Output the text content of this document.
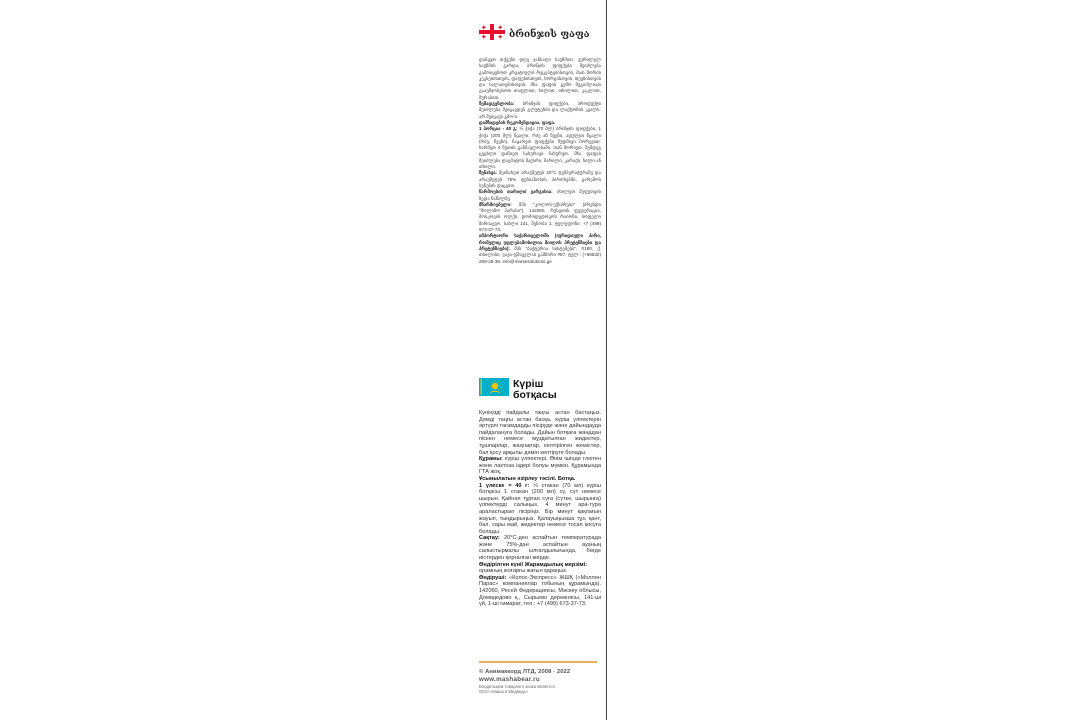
ბრინჯის ფაფა

დაწყეთ თქვენი დღე ჯანსაღი საუზმით. ვერილელ საუზმის გარდა, ბრინჯის ფიფქები შეიძლება გამოიყენოთ კრეატიული რეცეპტებისთვის, მათ შორის კეკსებისთვის, ფაფებისთვის, ხორცისთვის, თევზისთვის და სალათებისთვის. მზა ფაფის გემო შეგიძლიათ გააუმჯობესოთ თაფლით, ხილით, თხილით, კაკლით, მურაბით.

შემადგენლობა: ბრინჯის ფიფქები. პროდუქტი შეიძლება შეიცავდეს გლუტენის და ლაქტოზის კვალს. არ შეიცავს გმო-ს.

დამზადების რეკომენდაცია. ფაფა.

1 პორცია - 40 გ: ½ ჭიქა (70 მლ) ბრინჯის ფიფქები, 1 ჭიქა (200 მლ) წყალი, რძე ან წვენი. ადუღეთ წყალი (რძე, წვენი), ჩაყარეთ ფიფქები მუდმივი მორევით. ხარშეთ 4 წუთის განმავლობაში, თან მორიეთ. შემდეგ ცეცხლი დაწიეთ სახურავი ჩახურეთ. მზა ფაფას შეიძლება დაემატოს შაქარი, მარილი, კარაქი, ხილი ან თხილი.

შენახვა: შეინახეთ არაუმეტეს 20°C ტემპერატურაზე და არაუმეტეს 75% ტენიანობის პირობებში, გარემოს სუნების დაცვით.

წარმოების თარიღი/ ვარგისია: იხილეთ შეფუთვის ზედა ნაწილზე.

მწარმოებელი: შპს "კოლოს-ექსპრესი" (ბრენდი "მოლინო პარასი"), 142060, რუსეთის ფედერაცია, მოსკოვის ოლქი, დომოდედოვოს რაიონი, სოფელი შირიაევო, სახლი 141, შენობა 1, ტელეფონი: +7 (499) 673-37-73.

იმპორტიორი საქართველოში (იურიდიული პირი, რომელიც უფლებამოსილია მიიღოს პრეტენზიები და პრეტენზიები): შპს "ბაქტერია სისტემები", 0180, ქ. თბილისი, ვაჟა-ფშაველას გამზირი #87, ტელ.: (+99532) 269-25-38. info@marsesolutions.ge

Күріш
ботқасы

Күніңізді пайдалы таңғы астан бастаңыз. Дәмді таңғы астан басқа, күріш үлпектерін әртүрлі тағамдарды пісіруде және дайындауда пайдалануға болады. Дайын ботқаға жаңадан піскен немесе мұздатылған жидектер, тұшпарлар, жаңғақтар, кептірілген жемістер, бал қосу арқылы дәмін келтіруге болады.

Құрамы: күріш үлпектері. Өнім ішінде глютен және лактоза іздері болуы мүмкін. Құрамында ГТА жоқ.

Ұсынылатын әзірлеу тәсілі. Ботқа.

1 үлеске = 40 г: ⅓ стакан (70 мл) күріш ботқасы 1 стакан (200 мл) су, сүт немесе шырын. Қайнап тұрған суға (сүтке, шырынға) үлпектерді салыңыз. 4 минут ара-тура араластырып пісіріңіз. Бір минут қақпағын жауып, тыңдырыңыз. Қалауыңызша тұз, қант, бал, сары май, жидектер немесе тосап қосуға болады.

Сақтау: 20°C-ден аспайтын температурада және 75%-дан аспайтын ауаның салыстырмалы ылғалдылығында, бөгде иістерден қорғалған жерде.

Өндірілген күні/ Жарамдылық мерзімі:

орамның жоғарғы жағын қараңыз.

Өндіруші: «Колос-Экспресс» ЖШҚ («Моллон Парас» компаниялар тобының құрамында), 142060, Ресей Федерациясы, Мәскеу облысы, Домодедово қ., Сырьево деревнясы, 141-ші үй, 1-ші ғимарат, тел.: +7 (499) 673-37-73.

© Анимаккорд ЛТД, 2008 - 2022
www.mashabear.ru
Владельцем товарного знака является
ООО «Маша и Медведь»
